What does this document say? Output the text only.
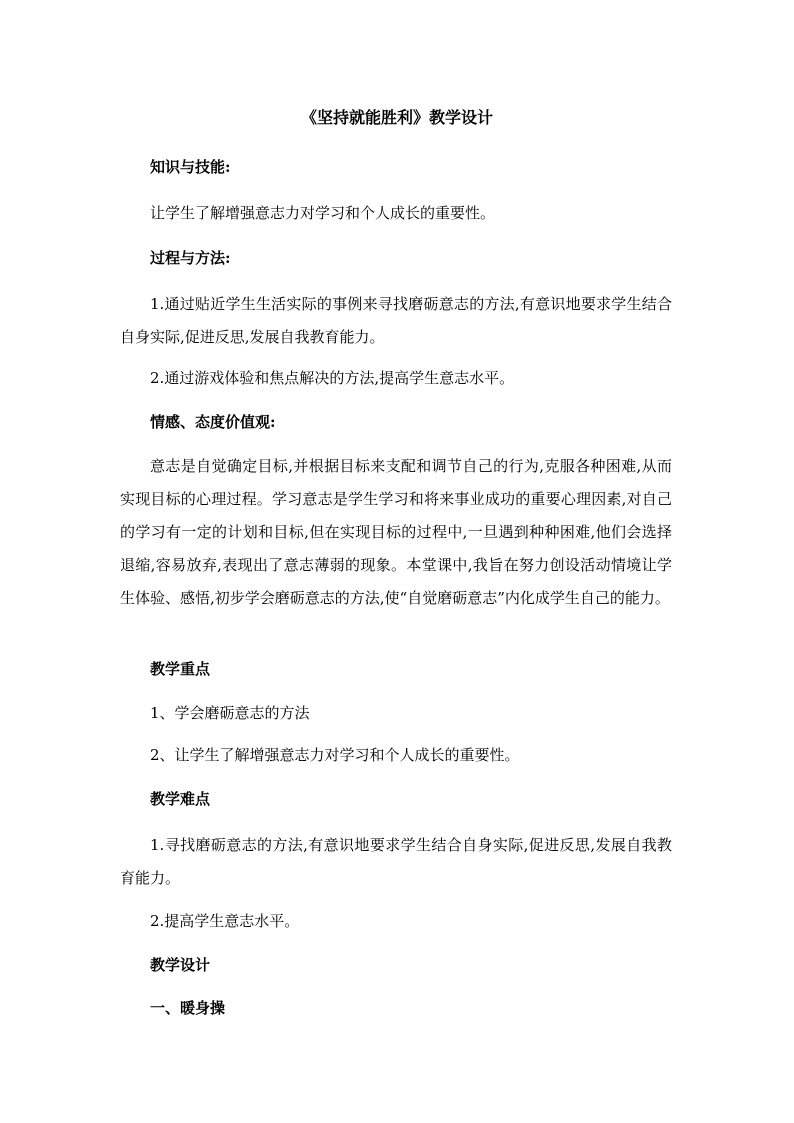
《坚持就能胜利》教学设计
知识与技能:
让学生了解增强意志力对学习和个人成长的重要性。
过程与方法:

1.通过贴近学生生活实际的事例来寻找磨砺意志的方法,有意识地要求学生结合自身实际,促进反思,发展自我教育能力。

2.通过游戏体验和焦点解决的方法,提高学生意志水平。
情感、态度价值观:

意志是自觉确定目标,并根据目标来支配和调节自己的行为,克服各种困难,从而实现目标的心理过程。学习意志是学生学习和将来事业成功的重要心理因素,对自己的学习有一定的计划和目标,但在实现目标的过程中,一旦遇到种种困难,他们会选择退缩,容易放弃,表现出了意志薄弱的现象。本堂课中,我旨在努力创设活动情境让学生体验、感悟,初步学会磨砺意志的方法,使“自觉磨砺意志”内化成学生自己的能力。

教学重点
1、学会磨砺意志的方法
2、让学生了解增强意志力对学习和个人成长的重要性。
教学难点

1.寻找磨砺意志的方法,有意识地要求学生结合自身实际,促进反思,发展自我教育能力。

2.提高学生意志水平。
教学设计
一、暖身操
